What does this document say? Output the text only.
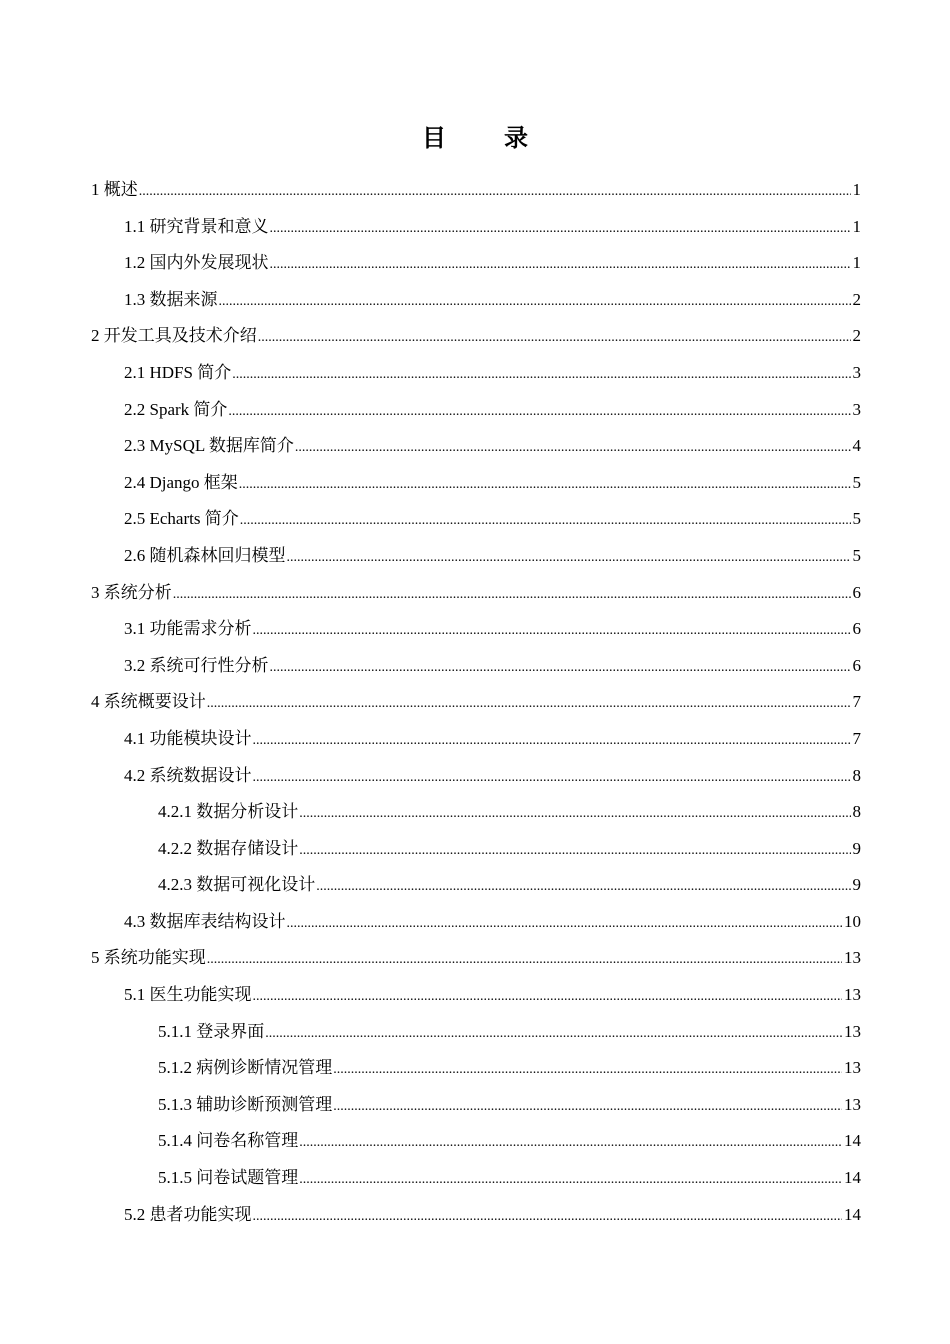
目 录
1 概述 .....	1
1.1 研究背景和意义 .....	1
1.2 国内外发展现状 .....	1
1.3 数据来源 .....	2
2 开发工具及技术介绍 .....	2
2.1 HDFS 简介 .....	3
2.2 Spark 简介 .....	3
2.3 MySQL 数据库简介 .....	4
2.4 Django 框架 .....	5
2.5 Echarts 简介 .....	5
2.6 随机森林回归模型 .....	5
3 系统分析 .....	6
3.1 功能需求分析 .....	6
3.2 系统可行性分析 .....	6
4 系统概要设计 .....	7
4.1 功能模块设计 .....	7
4.2 系统数据设计 .....	8
4.2.1 数据分析设计 .....	8
4.2.2 数据存储设计 .....	9
4.2.3 数据可视化设计 .....	9
4.3 数据库表结构设计 .....	10
5 系统功能实现 .....	13
5.1 医生功能实现 .....	13
5.1.1 登录界面 .....	13
5.1.2 病例诊断情况管理 .....	13
5.1.3 辅助诊断预测管理 .....	13
5.1.4 问卷名称管理 .....	14
5.1.5 问卷试题管理 .....	14
5.2 患者功能实现 .....	14
